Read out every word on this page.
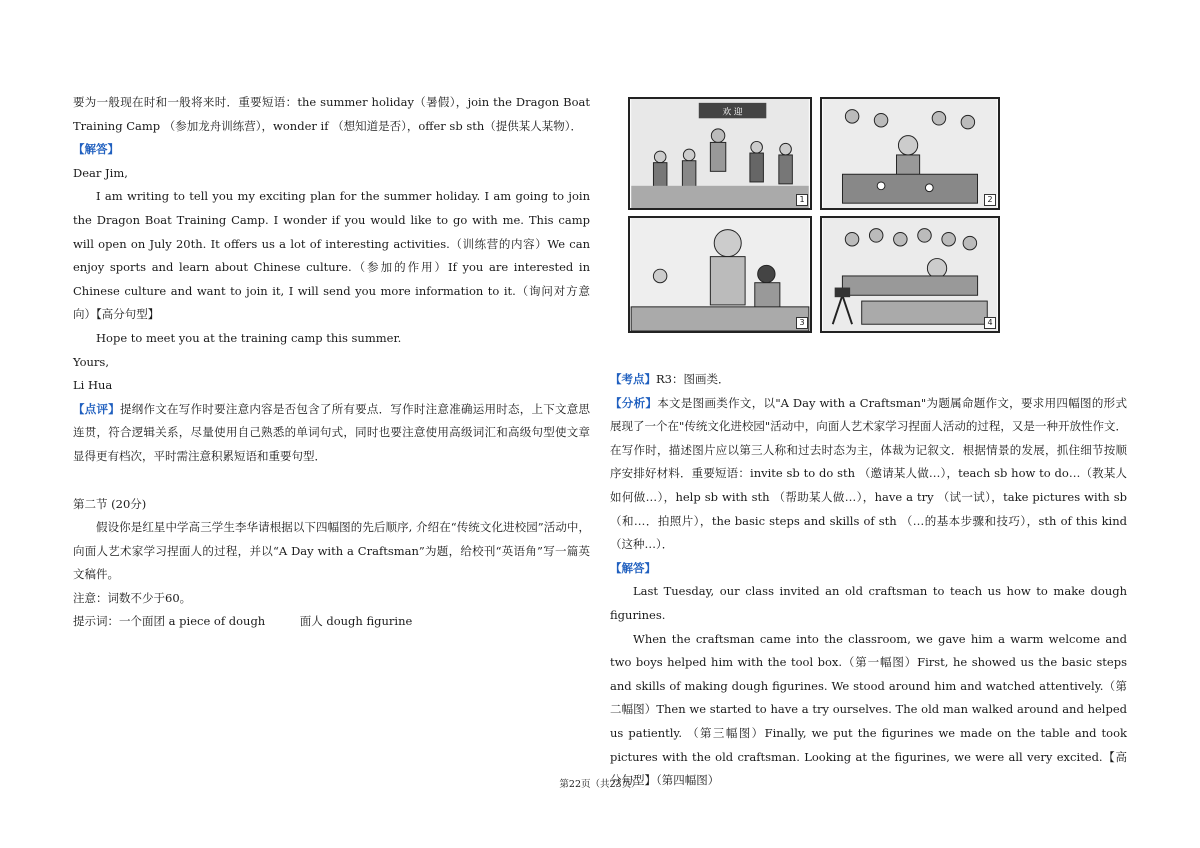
要为一般现在时和一般将来时．重要短语：the summer holiday（暑假），join the Dragon Boat Training Camp （参加龙舟训练营），wonder if （想知道是否），offer sb sth（提供某人某物）．

【解答】

Dear Jim,

I am writing to tell you my exciting plan for the summer holiday. I am going to join the Dragon Boat Training Camp. I wonder if you would like to go with me. This camp will open on July 20th. It offers us a lot of interesting activities.（训练营的内容）We can enjoy sports and learn about Chinese culture.（参加的作用）If you are interested in Chinese culture and want to join it, I will send you more information to it.（询问对方意向）【高分句型】

Hope to meet you at the training camp this summer.

Yours,

Li Hua

【点评】提纲作文在写作时要注意内容是否包含了所有要点．写作时注意准确运用时态，上下文意思连贯，符合逻辑关系，尽量使用自己熟悉的单词句式，同时也要注意使用高级词汇和高级句型使文章显得更有档次，平时需注意积累短语和重要句型．

第二节 (20分)

假设你是红星中学高三学生李华请根据以下四幅图的先后顺序, 介绍在“传统文化进校园”活动中，向面人艺术家学习捏面人的过程，并以“A Day with a Craftsman”为题，给校刊“英语角”写一篇英文稿件。

注意：词数不少于60。

提示词：一个面团 a piece of dough　　　面人 dough figurine

欢 迎
1	2
3	4

【考点】R3：图画类．

【分析】本文是图画类作文，以"A Day with a Craftsman"为题属命题作文，要求用四幅图的形式展现了一个在"传统文化进校园"活动中，向面人艺术家学习捏面人活动的过程，又是一种开放性作文．在写作时，描述图片应以第三人称和过去时态为主，体裁为记叙文．根据情景的发展，抓住细节按顺序安排好材料．重要短语：invite sb to do sth （邀请某人做…），teach sb how to do…（教某人如何做…），help sb with sth （帮助某人做…），have a try （试一试），take pictures with sb（和…．拍照片），the basic steps and skills of sth （…的基本步骤和技巧），sth of this kind （这种…）．

【解答】

Last Tuesday, our class invited an old craftsman to teach us how to make dough figurines.

When the craftsman came into the classroom, we gave him a warm welcome and two boys helped him with the tool box.（第一幅图）First, he showed us the basic steps and skills of making dough figurines. We stood around him and watched attentively.（第二幅图）Then we started to have a try ourselves. The old man walked around and helped us patiently. （第三幅图）Finally, we put the figurines we made on the table and took pictures with the old craftsman. Looking at the figurines, we were all very excited.【高分句型】（第四幅图）

第22页（共23页）
